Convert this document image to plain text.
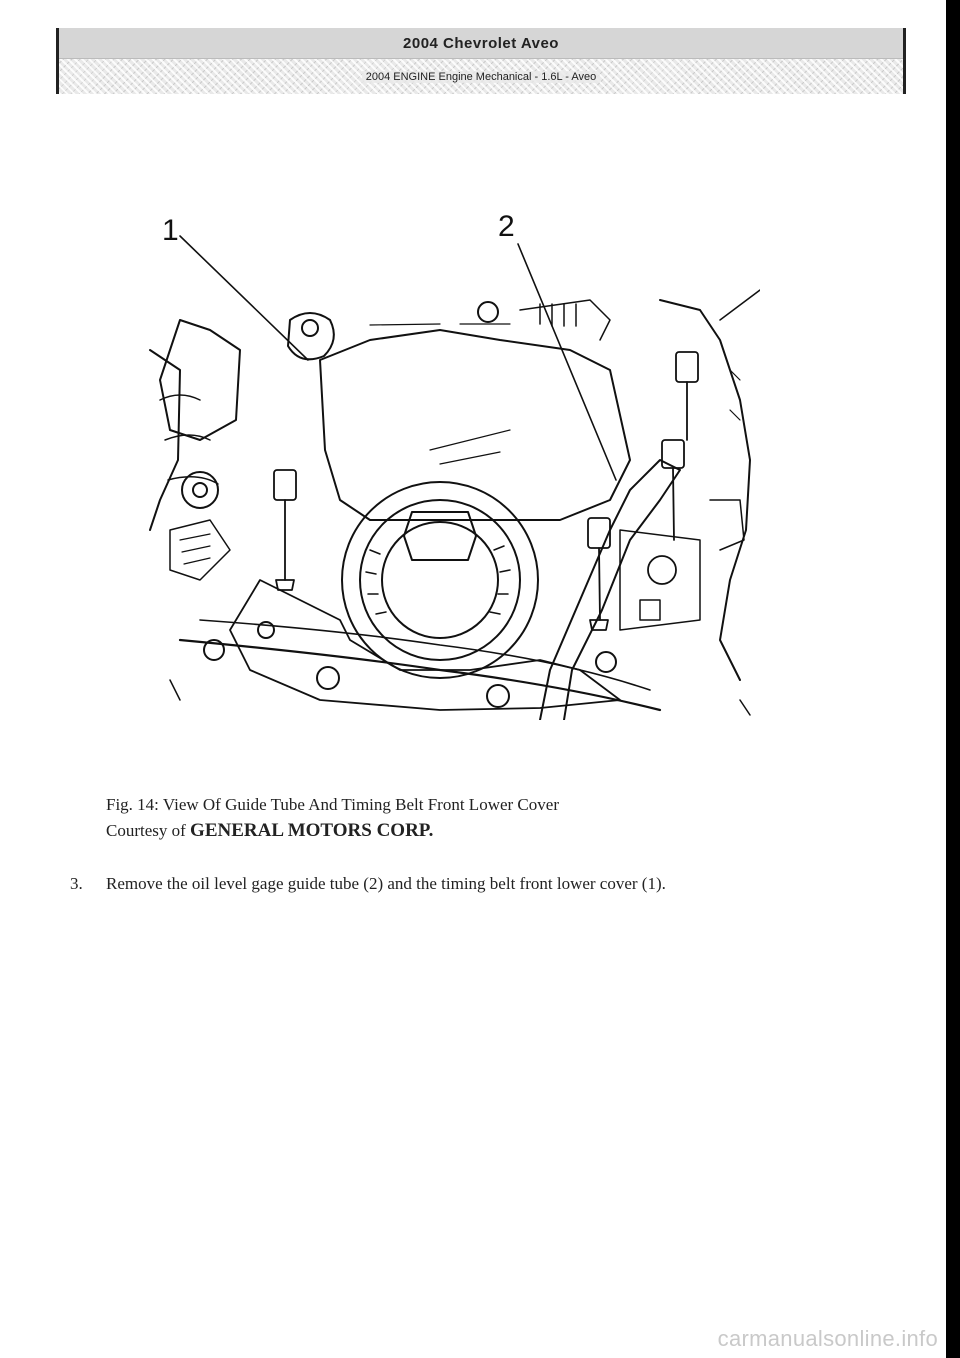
2004 Chevrolet Aveo
2004 ENGINE Engine Mechanical - 1.6L - Aveo
1	2
Fig. 14: View Of Guide Tube And Timing Belt Front Lower Cover
Courtesy of GENERAL MOTORS CORP.
3.	Remove the oil level gage guide tube (2) and the timing belt front lower cover (1).
carmanualsonline.info
